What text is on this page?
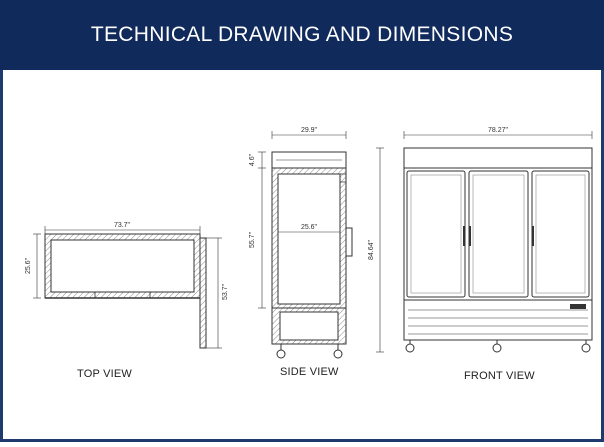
TECHNICAL DRAWING AND DIMENSIONS
73.7"
25.6"
53.7"
29.9"
4.6"
55.7"
25.6"
78.27"
84.64"
TOP VIEW	SIDE VIEW	FRONT VIEW
